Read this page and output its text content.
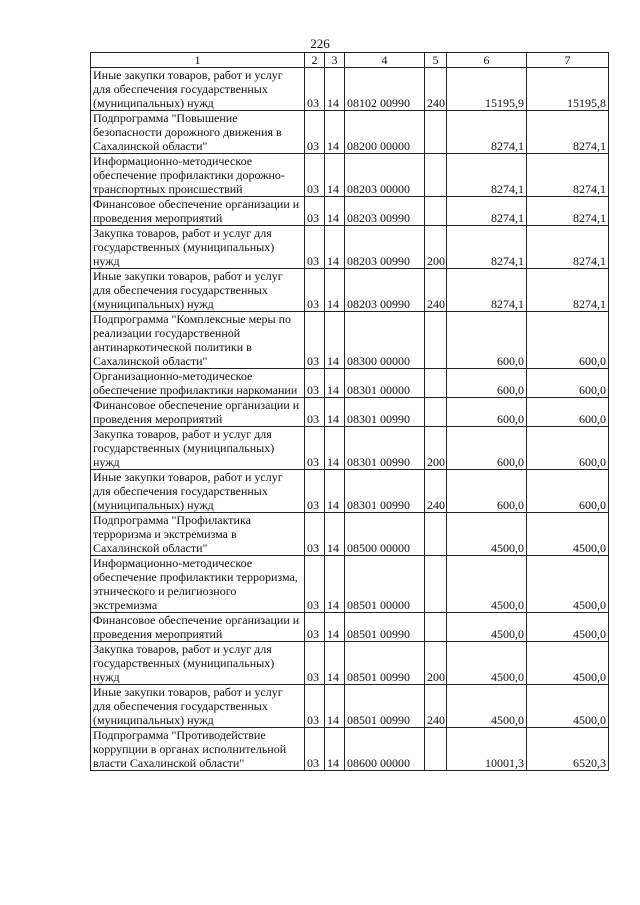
226
1	2	3	4	5	6	7
Иные закупки товаров, работ и услуг для обеспечения государственных (муниципальных) нужд	03	14	08102 00990	240	15195,9	15195,8
Подпрограмма "Повышение безопасности дорожного движения в Сахалинской области"	03	14	08200 00000		8274,1	8274,1
Информационно-методическое обеспечение профилактики дорожно-транспортных происшествий	03	14	08203 00000		8274,1	8274,1
Финансовое обеспечение организации и проведения мероприятий	03	14	08203 00990		8274,1	8274,1
Закупка товаров, работ и услуг для государственных (муниципальных) нужд	03	14	08203 00990	200	8274,1	8274,1
Иные закупки товаров, работ и услуг для обеспечения государственных (муниципальных) нужд	03	14	08203 00990	240	8274,1	8274,1
Подпрограмма "Комплексные меры по реализации государственной антинаркотической политики в Сахалинской области"	03	14	08300 00000		600,0	600,0
Организационно-методическое обеспечение профилактики наркомании	03	14	08301 00000		600,0	600,0
Финансовое обеспечение организации и проведения мероприятий	03	14	08301 00990		600,0	600,0
Закупка товаров, работ и услуг для государственных (муниципальных) нужд	03	14	08301 00990	200	600,0	600,0
Иные закупки товаров, работ и услуг для обеспечения государственных (муниципальных) нужд	03	14	08301 00990	240	600,0	600,0
Подпрограмма "Профилактика терроризма и экстремизма в Сахалинской области"	03	14	08500 00000		4500,0	4500,0
Информационно-методическое обеспечение профилактики терроризма, этнического и религиозного экстремизма	03	14	08501 00000		4500,0	4500,0
Финансовое обеспечение организации и проведения мероприятий	03	14	08501 00990		4500,0	4500,0
Закупка товаров, работ и услуг для государственных (муниципальных) нужд	03	14	08501 00990	200	4500,0	4500,0
Иные закупки товаров, работ и услуг для обеспечения государственных (муниципальных) нужд	03	14	08501 00990	240	4500,0	4500,0
Подпрограмма "Противодействие коррупции в органах исполнительной власти Сахалинской области"	03	14	08600 00000		10001,3	6520,3
